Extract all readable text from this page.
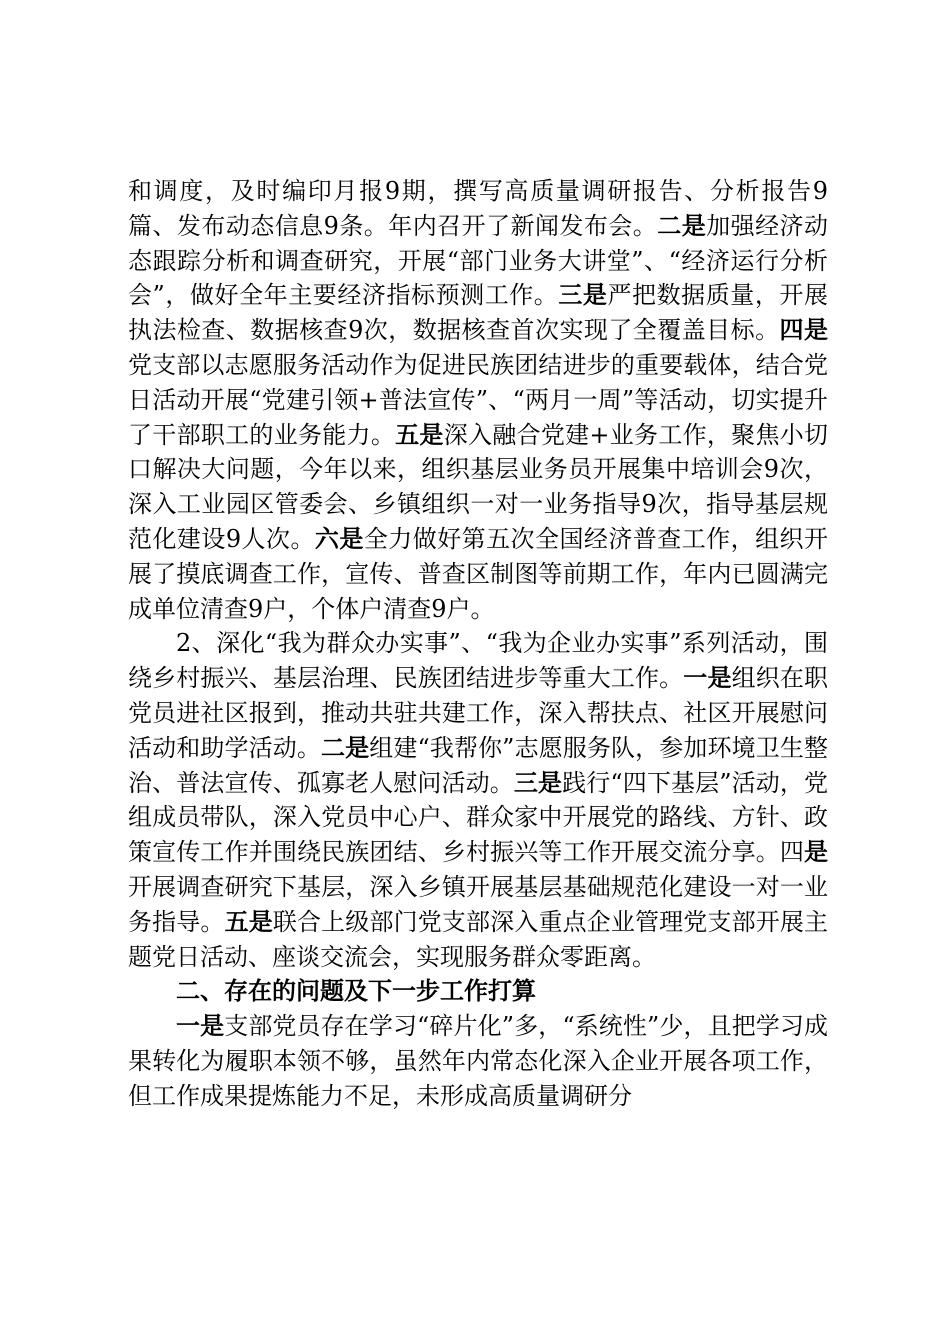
和调度，及时编印月报9期，撰写高质量调研报告、分析报告9篇、发布动态信息9条。年内召开了新闻发布会。二是加强经济动态跟踪分析和调查研究，开展“部门业务大讲堂”、“经济运行分析会”，做好全年主要经济指标预测工作。三是严把数据质量，开展执法检查、数据核查9次，数据核查首次实现了全覆盖目标。四是党支部以志愿服务活动作为促进民族团结进步的重要载体，结合党日活动开展“党建引领+普法宣传”、“两月一周”等活动，切实提升了干部职工的业务能力。五是深入融合党建+业务工作，聚焦小切口解决大问题，今年以来，组织基层业务员开展集中培训会9次，深入工业园区管委会、乡镇组织一对一业务指导9次，指导基层规范化建设9人次。六是全力做好第五次全国经济普查工作，组织开展了摸底调查工作，宣传、普查区制图等前期工作，年内已圆满完成单位清查9户，个体户清查9户。

2、深化“我为群众办实事”、“我为企业办实事”系列活动，围绕乡村振兴、基层治理、民族团结进步等重大工作。一是组织在职党员进社区报到，推动共驻共建工作，深入帮扶点、社区开展慰问活动和助学活动。二是组建“我帮你”志愿服务队，参加环境卫生整治、普法宣传、孤寡老人慰问活动。三是践行“四下基层”活动，党组成员带队，深入党员中心户、群众家中开展党的路线、方针、政策宣传工作并围绕民族团结、乡村振兴等工作开展交流分享。四是开展调查研究下基层，深入乡镇开展基层基础规范化建设一对一业务指导。五是联合上级部门党支部深入重点企业管理党支部开展主题党日活动、座谈交流会，实现服务群众零距离。

二、存在的问题及下一步工作打算

一是支部党员存在学习“碎片化”多，“系统性”少，且把学习成果转化为履职本领不够，虽然年内常态化深入企业开展各项工作，但工作成果提炼能力不足，未形成高质量调研分
